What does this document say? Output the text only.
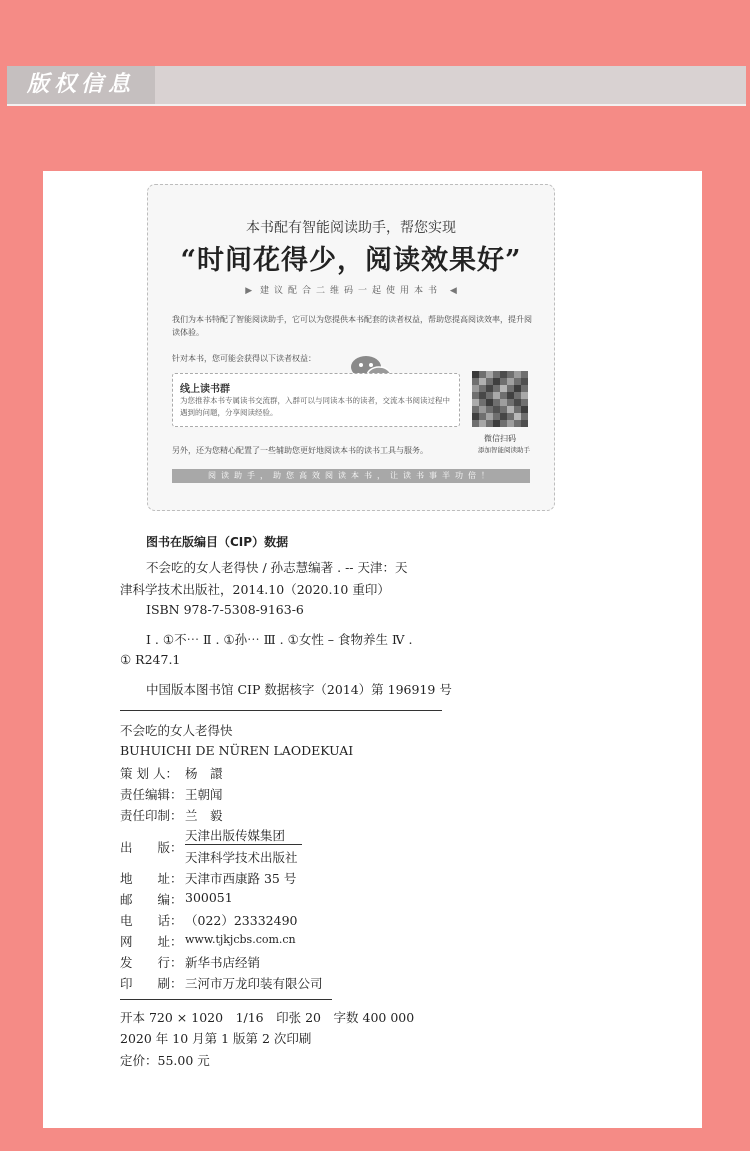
版权信息
本书配有智能阅读助手，帮您实现
“时间花得少，阅读效果好”
▶ 建议配合二维码一起使用本书 ◀
我们为本书特配了智能阅读助手，它可以为您提供本书配套的读者权益，帮助您提高阅读效率，提升阅读体验。
针对本书，您可能会获得以下读者权益：
线上读书群
为您推荐本书专属读书交流群，入群可以与同读本书的读者，交流本书阅读过程中遇到的问题，分享阅读经验。
微信扫码
添加智能阅读助手
另外，还为您精心配置了一些辅助您更好地阅读本书的读书工具与服务。
阅读助手，助您高效阅读本书，让读书事半功倍！
图书在版编目（CIP）数据
不会吃的女人老得快 / 孙志慧编著 . -- 天津：天
津科学技术出版社，2014.10（2020.10 重印）
ISBN 978-7-5308-9163-6
Ⅰ . ①不⋯ Ⅱ . ①孙⋯ Ⅲ . ①女性 – 食物养生 Ⅳ .
① R247.1
中国版本图书馆 CIP 数据核字（2014）第 196919 号
不会吃的女人老得快
BUHUICHI DE NÜREN LAODEKUAI
策 划 人： 杨　譞
责任编辑： 王朝闻
责任印制： 兰　毅
出　　版：
天津出版传媒集团
天津科学技术出版社
地　　址： 天津市西康路 35 号
邮　　编： 300051
电　　话： （022）23332490
网　　址： www.tjkjcbs.com.cn
发　　行： 新华书店经销
印　　刷： 三河市万龙印装有限公司
开本 720 × 1020　1/16　印张 20　字数 400 000
2020 年 10 月第 1 版第 2 次印刷
定价：55.00 元
